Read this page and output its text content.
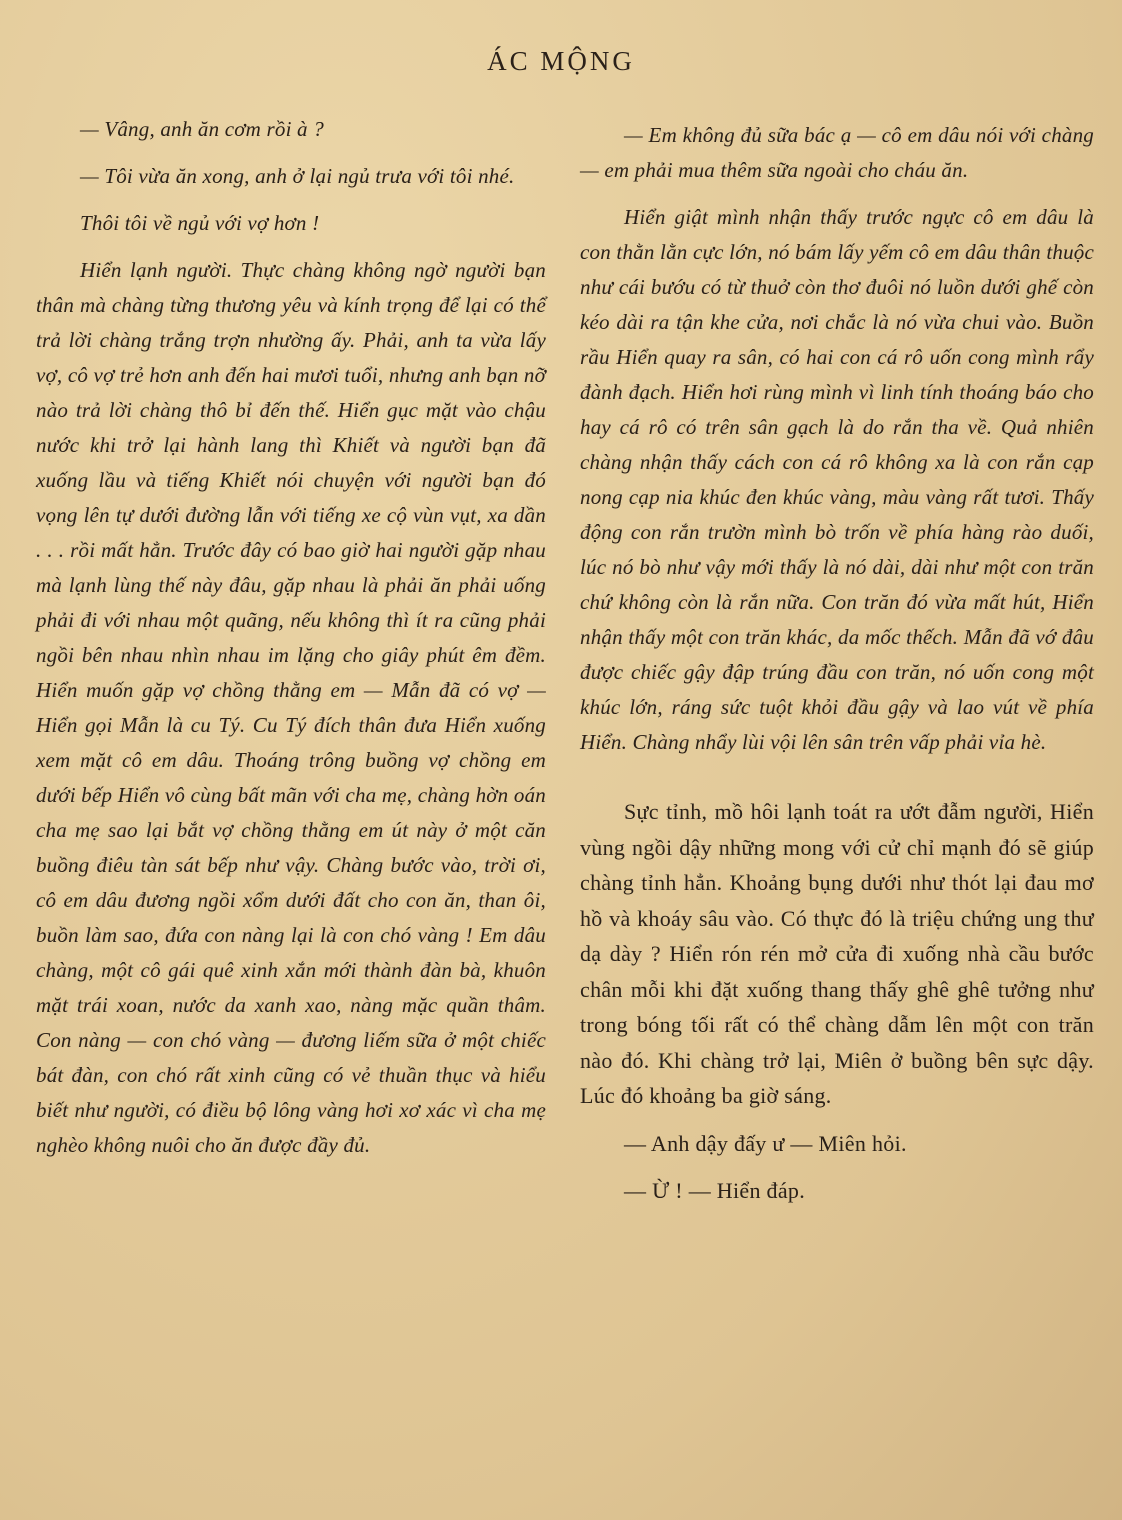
ÁC MỘNG

— Vâng, anh ăn cơm rồi à ?

— Tôi vừa ăn xong, anh ở lại ngủ trưa với tôi nhé.

Thôi tôi về ngủ với vợ hơn !

Hiển lạnh người. Thực chàng không ngờ người bạn thân mà chàng từng thương yêu và kính trọng để lại có thể trả lời chàng trắng trợn nhường ấy. Phải, anh ta vừa lấy vợ, cô vợ trẻ hơn anh đến hai mươi tuổi, nhưng anh bạn nỡ nào trả lời chàng thô bỉ đến thế. Hiển gục mặt vào chậu nước khi trở lại hành lang thì Khiết và người bạn đã xuống lầu và tiếng Khiết nói chuyện với người bạn đó vọng lên tự dưới đường lẫn với tiếng xe cộ vùn vụt, xa dần . . . rồi mất hẳn. Trước đây có bao giờ hai người gặp nhau mà lạnh lùng thế này đâu, gặp nhau là phải ăn phải uống phải đi với nhau một quãng, nếu không thì ít ra cũng phải ngồi bên nhau nhìn nhau im lặng cho giây phút êm đềm. Hiển muốn gặp vợ chồng thằng em — Mẫn đã có vợ — Hiển gọi Mẫn là cu Tý. Cu Tý đích thân đưa Hiển xuống xem mặt cô em dâu. Thoáng trông buồng vợ chồng em dưới bếp Hiển vô cùng bất mãn với cha mẹ, chàng hờn oán cha mẹ sao lại bắt vợ chồng thằng em út này ở một căn buồng điêu tàn sát bếp như vậy. Chàng bước vào, trời ơi, cô em dâu đương ngồi xổm dưới đất cho con ăn, than ôi, buồn làm sao, đứa con nàng lại là con chó vàng ! Em dâu chàng, một cô gái quê xinh xắn mới thành đàn bà, khuôn mặt trái xoan, nước da xanh xao, nàng mặc quần thâm. Con nàng — con chó vàng — đương liếm sữa ở một chiếc bát đàn, con chó rất xinh cũng có vẻ thuần thục và hiểu biết như người, có điều bộ lông vàng hơi xơ xác vì cha mẹ nghèo không nuôi cho ăn được đầy đủ.

— Em không đủ sữa bác ạ — cô em dâu nói với chàng — em phải mua thêm sữa ngoài cho cháu ăn.

Hiển giật mình nhận thấy trước ngực cô em dâu là con thằn lằn cực lớn, nó bám lấy yếm cô em dâu thân thuộc như cái bướu có từ thuở còn thơ đuôi nó luồn dưới ghế còn kéo dài ra tận khe cửa, nơi chắc là nó vừa chui vào. Buồn rầu Hiển quay ra sân, có hai con cá rô uốn cong mình rẩy đành đạch. Hiển hơi rùng mình vì linh tính thoáng báo cho hay cá rô có trên sân gạch là do rắn tha về. Quả nhiên chàng nhận thấy cách con cá rô không xa là con rắn cạp nong cạp nia khúc đen khúc vàng, màu vàng rất tươi. Thấy động con rắn trườn mình bò trốn về phía hàng rào duối, lúc nó bò như vậy mới thấy là nó dài, dài như một con trăn chứ không còn là rắn nữa. Con trăn đó vừa mất hút, Hiển nhận thấy một con trăn khác, da mốc thếch. Mẫn đã vớ đâu được chiếc gậy đập trúng đầu con trăn, nó uốn cong một khúc lớn, ráng sức tuột khỏi đầu gậy và lao vút về phía Hiển. Chàng nhẩy lùi vội lên sân trên vấp phải vỉa hè.

Sực tỉnh, mồ hôi lạnh toát ra ướt đẫm người, Hiển vùng ngồi dậy những mong với cử chỉ mạnh đó sẽ giúp chàng tỉnh hẳn. Khoảng bụng dưới như thót lại đau mơ hồ và khoáy sâu vào. Có thực đó là triệu chứng ung thư dạ dày ? Hiển rón rén mở cửa đi xuống nhà cầu bước chân mỗi khi đặt xuống thang thấy ghê ghê tưởng như trong bóng tối rất có thể chàng dẫm lên một con trăn nào đó. Khi chàng trở lại, Miên ở buồng bên sực dậy. Lúc đó khoảng ba giờ sáng.

— Anh dậy đấy ư — Miên hỏi.

— Ừ ! — Hiển đáp.
